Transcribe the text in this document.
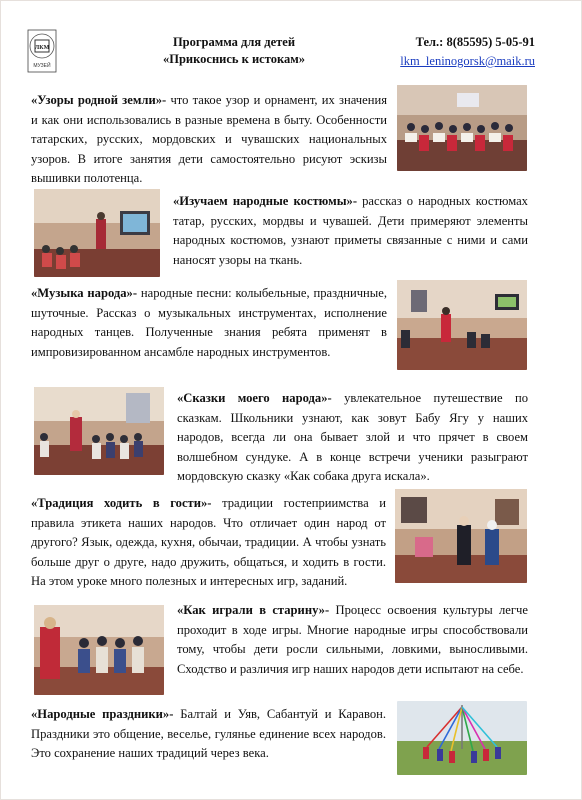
ЛКМ
МУЗЕЙ
Программа для детей
«Прикоснись к истокам»
Тел.: 8(85595) 5-05-91
lkm_leninogorsk@maik.ru
«Узоры родной земли»- что такое узор и орнамент, их значения и как они использовались в разные времена в быту. Особенности татарских, русских, мордовских и чувашских национальных узоров. В итоге занятия дети самостоятельно рисуют эскизы вышивки полотенца.
«Изучаем народные костюмы»- рассказ о народных костюмах татар, русских, мордвы и чувашей. Дети примеряют элементы народных костюмов, узнают приметы связанные с ними и сами наносят узоры на ткань.
«Музыка народа»- народные песни: колыбельные, праздничные, шуточные. Рассказ о музыкальных инструментах, исполнение народных танцев. Полученные знания ребята применят в импровизированном ансамбле народных инструментов.
«Сказки моего народа»- увлекательное путешествие по сказкам. Школьники узнают, как зовут Бабу Ягу у наших народов, всегда ли она бывает злой и что прячет в своем волшебном сундуке. А в конце встречи ученики разыграют мордовскую сказку «Как собака друга искала».
«Традиция ходить в гости»- традиции гостеприимства и правила этикета наших народов. Что отличает один народ от другого? Язык, одежда, кухня, обычаи, традиции. А чтобы узнать больше друг о друге, надо дружить, общаться, и ходить в гости. На этом уроке много полезных и интересных игр, заданий.
«Как играли в старину»- Процесс освоения культуры легче проходит в ходе игры. Многие народные игры способствовали тому, чтобы дети росли сильными, ловкими, выносливыми. Сходство и различия игр наших народов дети испытают на себе.
«Народные праздники»- Балтай и Уяв, Сабантуй и Каравон. Праздники это общение, веселье, гулянье единение всех народов. Это сохранение наших традиций через века.
